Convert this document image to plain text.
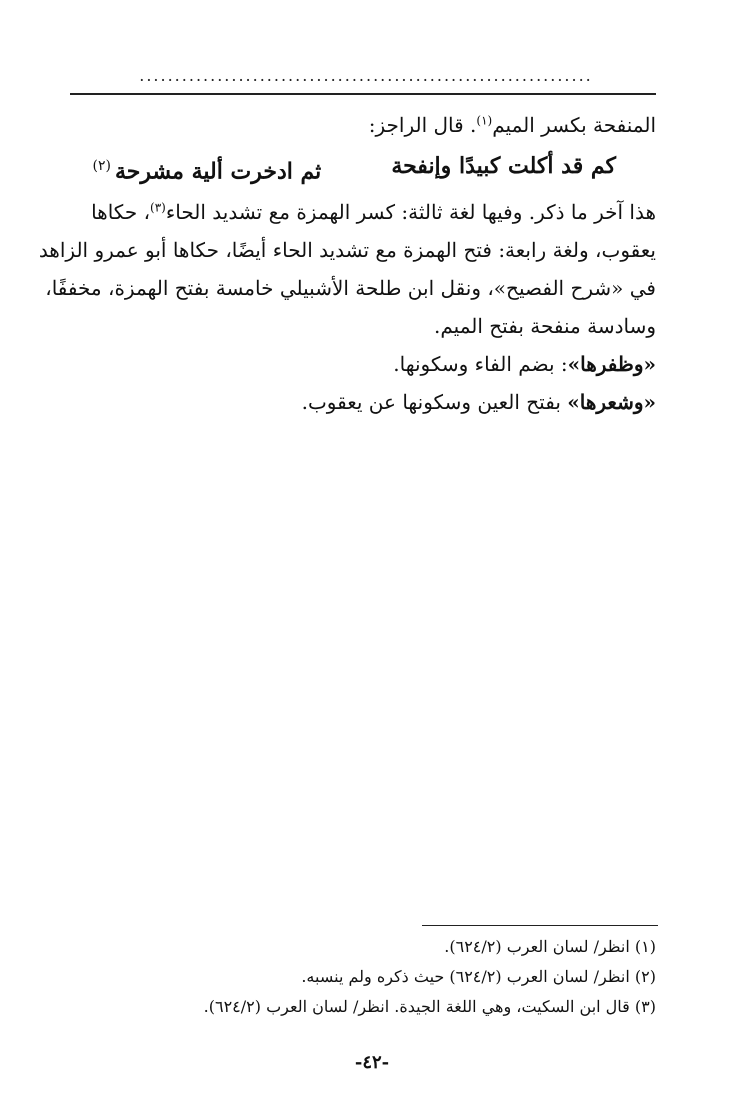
................................................................
المنفحة بكسر الميم$^{(١)}$. قال الراجز:
كم قد أكلت كبيدًا وإنفحة
ثم ادخرت ألية مشرحة$^{(٢)}$
هذا آخر ما ذكر. وفيها لغة ثالثة: كسر الهمزة مع تشديد الحاء$^{(٣)}$، حكاها
يعقوب، ولغة رابعة: فتح الهمزة مع تشديد الحاء أيضًا، حكاها أبو عمرو الزاهد
في «شرح الفصيح»، ونقل ابن طلحة الأشبيلي خامسة بفتح الهمزة، مخففًا،
وسادسة منفحة بفتح الميم.
«وظفرها»: بضم الفاء وسكونها.
«وشعرها» بفتح العين وسكونها عن يعقوب.
(١) انظر/ لسان العرب (٦٢٤/٢).
(٢) انظر/ لسان العرب (٦٢٤/٢) حيث ذكره ولم ينسبه.
(٣) قال ابن السكيت، وهي اللغة الجيدة. انظر/ لسان العرب (٦٢٤/٢).
-٤٢-
